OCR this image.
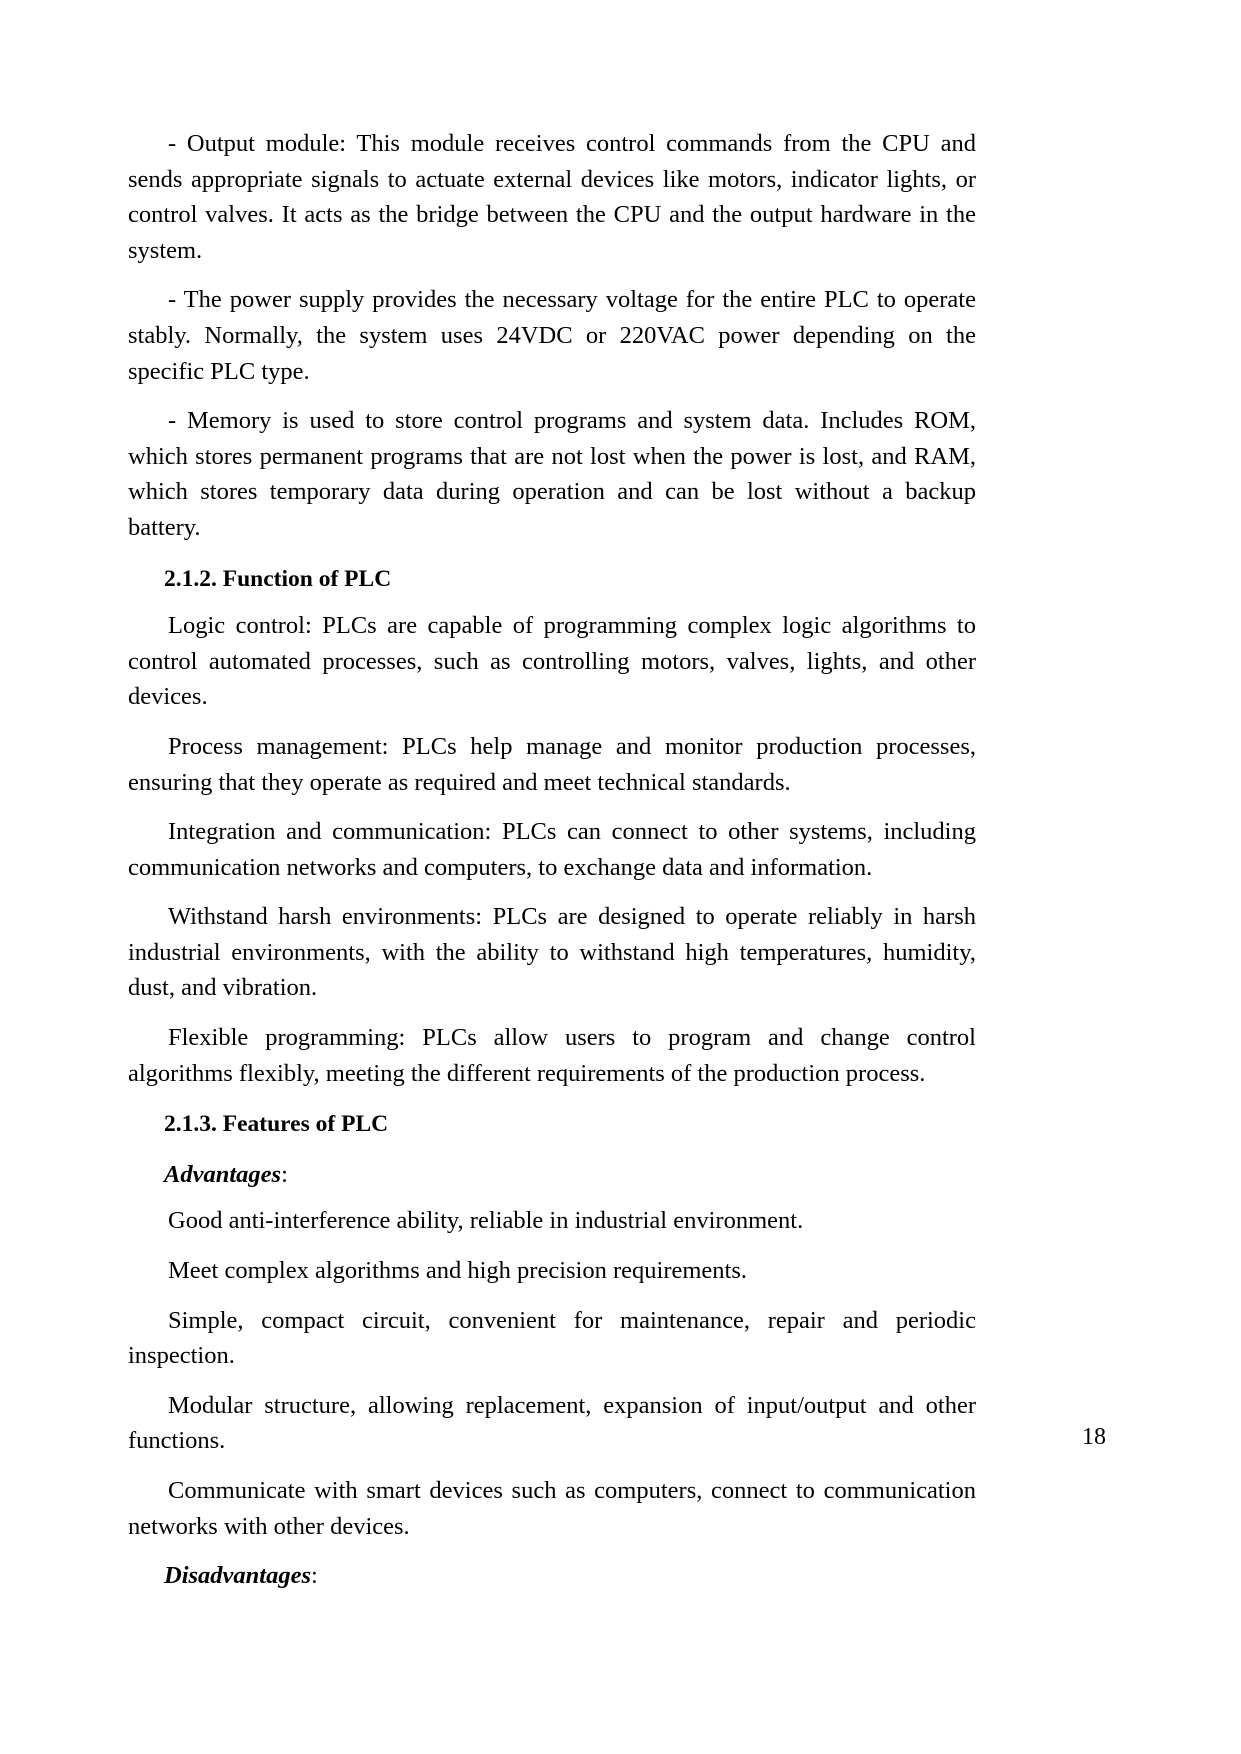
- Output module: This module receives control commands from the CPU and sends appropriate signals to actuate external devices like motors, indicator lights, or control valves. It acts as the bridge between the CPU and the output hardware in the system.

- The power supply provides the necessary voltage for the entire PLC to operate stably. Normally, the system uses 24VDC or 220VAC power depending on the specific PLC type.

- Memory is used to store control programs and system data. Includes ROM, which stores permanent programs that are not lost when the power is lost, and RAM, which stores temporary data during operation and can be lost without a backup battery.

2.1.2. Function of PLC

Logic control: PLCs are capable of programming complex logic algorithms to control automated processes, such as controlling motors, valves, lights, and other devices.

Process management: PLCs help manage and monitor production processes, ensuring that they operate as required and meet technical standards.

Integration and communication: PLCs can connect to other systems, including communication networks and computers, to exchange data and information.

Withstand harsh environments: PLCs are designed to operate reliably in harsh industrial environments, with the ability to withstand high temperatures, humidity, dust, and vibration.

Flexible programming: PLCs allow users to program and change control algorithms flexibly, meeting the different requirements of the production process.

2.1.3. Features of PLC

Advantages:

Good anti-interference ability, reliable in industrial environment.

Meet complex algorithms and high precision requirements.

Simple, compact circuit, convenient for maintenance, repair and periodic inspection.

Modular structure, allowing replacement, expansion of input/output and other functions.

Communicate with smart devices such as computers, connect to communication networks with other devices.

Disadvantages:

18
